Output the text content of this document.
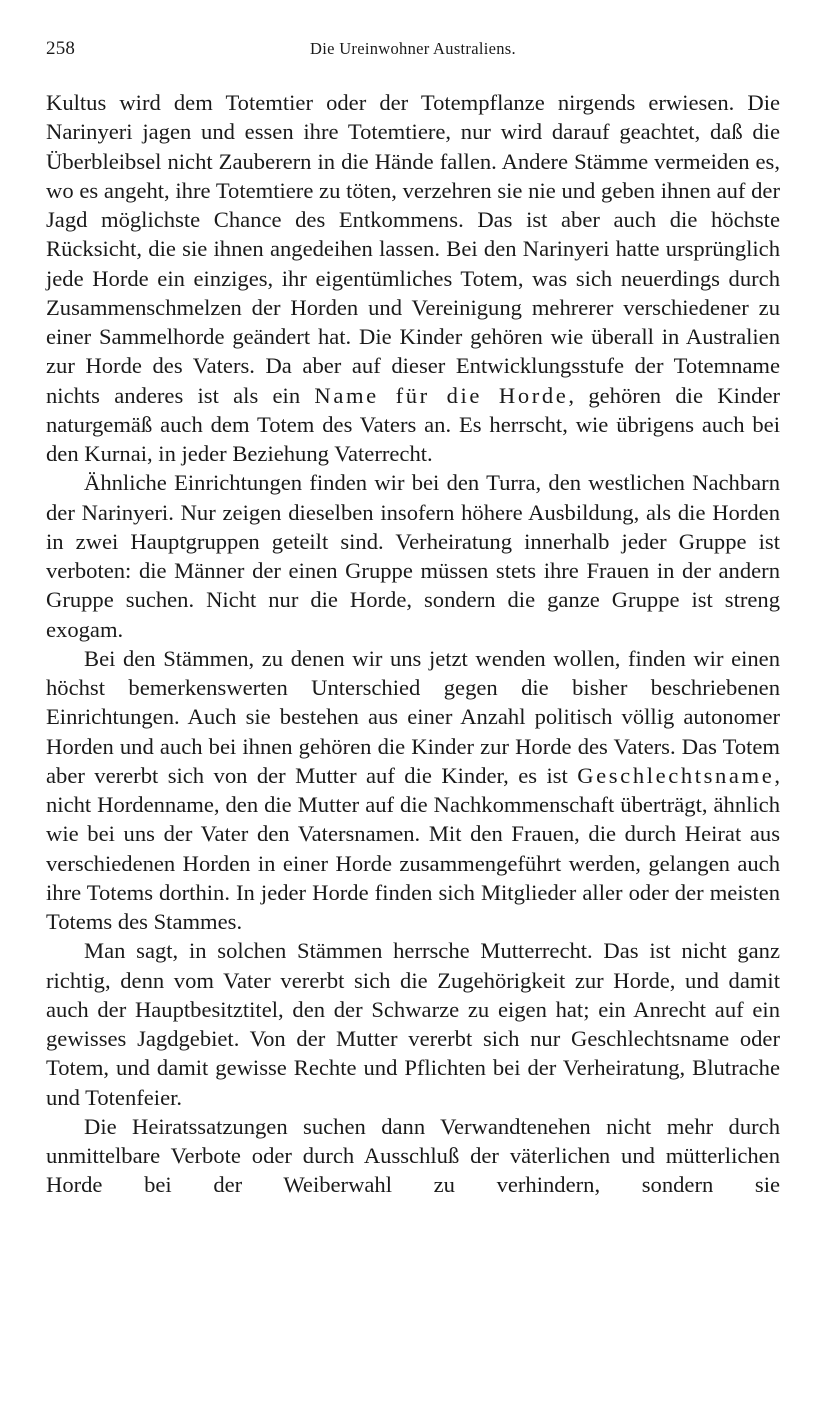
258	Die Ureinwohner Australiens.

Kultus wird dem Totemtier oder der Totempflanze nirgends erwiesen. Die Narinyeri jagen und essen ihre Totemtiere, nur wird darauf geachtet, daß die Überbleibsel nicht Zauberern in die Hände fallen. Andere Stämme vermeiden es, wo es angeht, ihre Totemtiere zu töten, verzehren sie nie und geben ihnen auf der Jagd möglichste Chance des Entkommens. Das ist aber auch die höchste Rücksicht, die sie ihnen angedeihen lassen. Bei den Narinyeri hatte ursprünglich jede Horde ein einziges, ihr eigentümliches Totem, was sich neuerdings durch Zusammenschmelzen der Horden und Vereinigung mehrerer verschiedener zu einer Sammelhorde geändert hat. Die Kinder gehören wie überall in Australien zur Horde des Vaters. Da aber auf dieser Entwicklungsstufe der Totemname nichts anderes ist als ein Name für die Horde, gehören die Kinder naturgemäß auch dem Totem des Vaters an. Es herrscht, wie übrigens auch bei den Kurnai, in jeder Beziehung Vaterrecht.

Ähnliche Einrichtungen finden wir bei den Turra, den westlichen Nachbarn der Narinyeri. Nur zeigen dieselben insofern höhere Ausbildung, als die Horden in zwei Hauptgruppen geteilt sind. Verheiratung innerhalb jeder Gruppe ist verboten: die Männer der einen Gruppe müssen stets ihre Frauen in der andern Gruppe suchen. Nicht nur die Horde, sondern die ganze Gruppe ist streng exogam.

Bei den Stämmen, zu denen wir uns jetzt wenden wollen, finden wir einen höchst bemerkenswerten Unterschied gegen die bisher beschriebenen Einrichtungen. Auch sie bestehen aus einer Anzahl politisch völlig autonomer Horden und auch bei ihnen gehören die Kinder zur Horde des Vaters. Das Totem aber vererbt sich von der Mutter auf die Kinder, es ist Geschlechtsname, nicht Hordenname, den die Mutter auf die Nachkommenschaft überträgt, ähnlich wie bei uns der Vater den Vatersnamen. Mit den Frauen, die durch Heirat aus verschiedenen Horden in einer Horde zusammengeführt werden, gelangen auch ihre Totems dorthin. In jeder Horde finden sich Mitglieder aller oder der meisten Totems des Stammes.

Man sagt, in solchen Stämmen herrsche Mutterrecht. Das ist nicht ganz richtig, denn vom Vater vererbt sich die Zugehörigkeit zur Horde, und damit auch der Hauptbesitztitel, den der Schwarze zu eigen hat; ein Anrecht auf ein gewisses Jagdgebiet. Von der Mutter vererbt sich nur Geschlechtsname oder Totem, und damit gewisse Rechte und Pflichten bei der Verheiratung, Blutrache und Totenfeier.

Die Heiratssatzungen suchen dann Verwandtenehen nicht mehr durch unmittelbare Verbote oder durch Ausschluß der väterlichen und mütterlichen Horde bei der Weiberwahl zu verhindern, sondern sie
